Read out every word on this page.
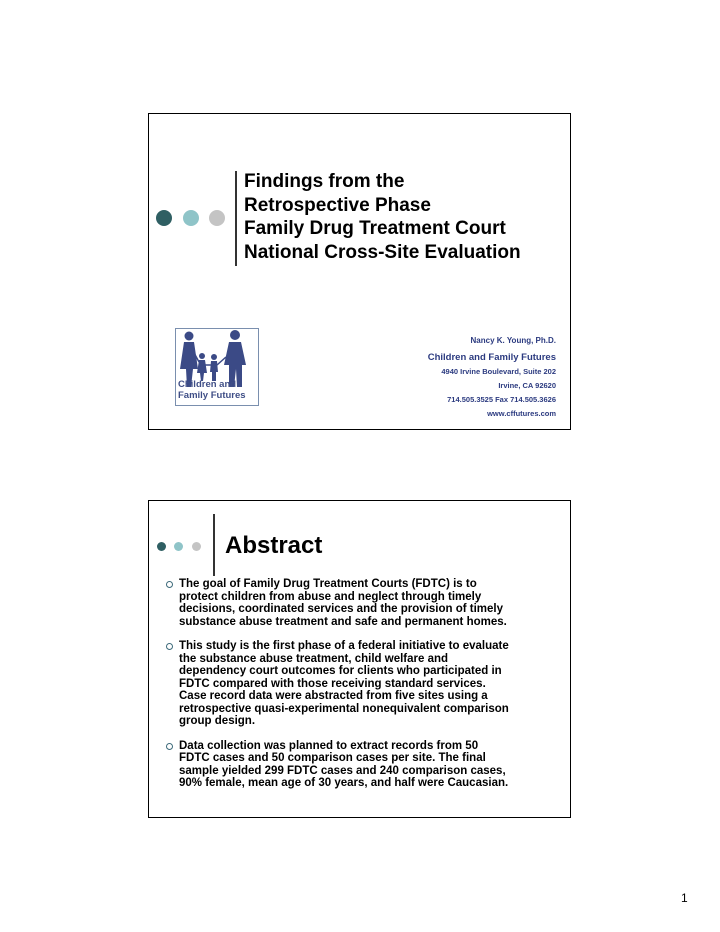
Findings from the
Retrospective Phase
Family Drug Treatment Court
National Cross-Site Evaluation
Children and
Family Futures
Nancy K. Young, Ph.D.
Children and Family Futures
4940 Irvine Boulevard, Suite 202
Irvine, CA 92620
714.505.3525 Fax 714.505.3626
www.cffutures.com
Abstract
The goal of Family Drug Treatment Courts (FDTC) is to
protect children from abuse and neglect through timely
decisions, coordinated services and the provision of timely
substance abuse treatment and safe and permanent homes.
This study is the first phase of a federal initiative to evaluate
the substance abuse treatment, child welfare and
dependency court outcomes for clients who participated in
FDTC compared with those receiving standard services.
Case record data were abstracted from five sites using a
retrospective quasi-experimental nonequivalent comparison
group design.
Data collection was planned to extract records from 50
FDTC cases and 50 comparison cases per site. The final
sample yielded 299 FDTC cases and 240 comparison cases,
90% female, mean age of 30 years, and half were Caucasian.
1
